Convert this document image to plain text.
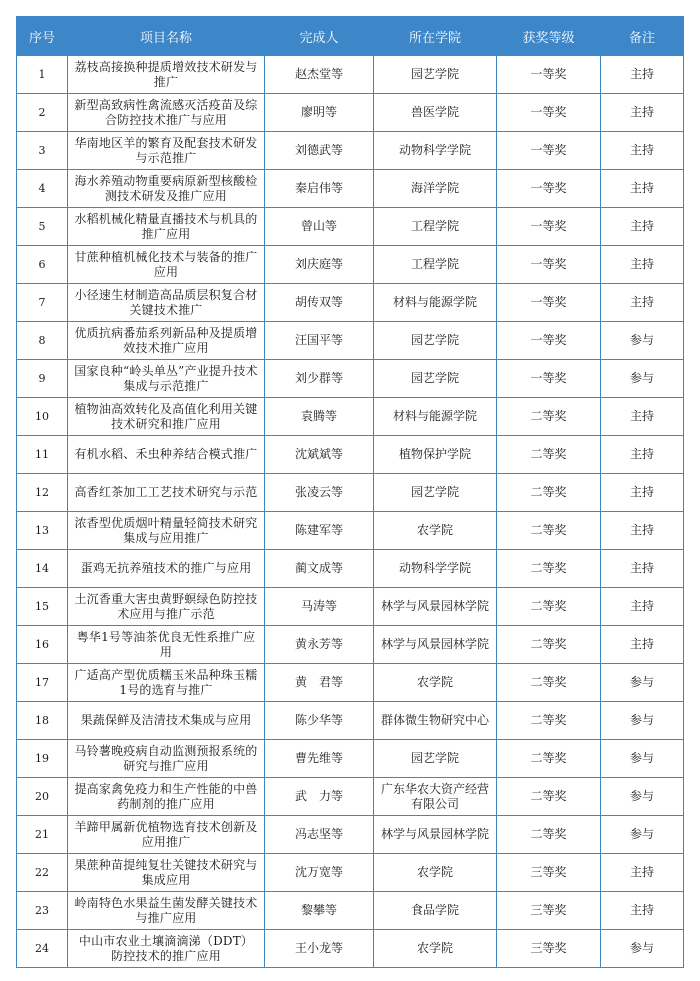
序号	项目名称	完成人	所在学院	获奖等级	备注
1	荔枝高接换种提质增效技术研发与推广	赵杰堂等	园艺学院	一等奖	主持
2	新型高致病性禽流感灭活疫苗及综合防控技术推广与应用	廖明等	兽医学院	一等奖	主持
3	华南地区羊的繁育及配套技术研发与示范推广	刘德武等	动物科学学院	一等奖	主持
4	海水养殖动物重要病原新型核酸检测技术研发及推广应用	秦启伟等	海洋学院	一等奖	主持
5	水稻机械化精量直播技术与机具的推广应用	曾山等	工程学院	一等奖	主持
6	甘蔗种植机械化技术与装备的推广应用	刘庆庭等	工程学院	一等奖	主持
7	小径速生材制造高品质层积复合材关键技术推广	胡传双等	材料与能源学院	一等奖	主持
8	优质抗病番茄系列新品种及提质增效技术推广应用	汪国平等	园艺学院	一等奖	参与
9	国家良种“岭头单丛”产业提升技术集成与示范推广	刘少群等	园艺学院	一等奖	参与
10	植物油高效转化及高值化利用关键技术研究和推广应用	袁腾等	材料与能源学院	二等奖	主持
11	有机水稻、禾虫种养结合模式推广	沈斌斌等	植物保护学院	二等奖	主持
12	高香红茶加工工艺技术研究与示范	张凌云等	园艺学院	二等奖	主持
13	浓香型优质烟叶精量轻简技术研究集成与应用推广	陈建军等	农学院	二等奖	主持
14	蛋鸡无抗养殖技术的推广与应用	蔺文成等	动物科学学院	二等奖	主持
15	土沉香重大害虫黄野螟绿色防控技术应用与推广示范	马涛等	林学与风景园林学院	二等奖	主持
16	粤华1号等油茶优良无性系推广应用	黄永芳等	林学与风景园林学院	二等奖	主持
17	广适高产型优质糯玉米品种珠玉糯1号的选育与推广	黄　君等	农学院	二等奖	参与
18	果蔬保鲜及洁清技术集成与应用	陈少华等	群体微生物研究中心	二等奖	参与
19	马铃薯晚疫病自动监测预报系统的研究与推广应用	曹先维等	园艺学院	二等奖	参与
20	提高家禽免疫力和生产性能的中兽药制剂的推广应用	武　力等	广东华农大资产经营有限公司	二等奖	参与
21	羊蹄甲属新优植物选育技术创新及应用推广	冯志坚等	林学与风景园林学院	二等奖	参与
22	果蔗种苗提纯复壮关键技术研究与集成应用	沈万宽等	农学院	三等奖	主持
23	岭南特色水果益生菌发酵关键技术与推广应用	黎攀等	食品学院	三等奖	主持
24	中山市农业土壤滴滴涕（DDT）防控技术的推广应用	王小龙等	农学院	三等奖	参与
